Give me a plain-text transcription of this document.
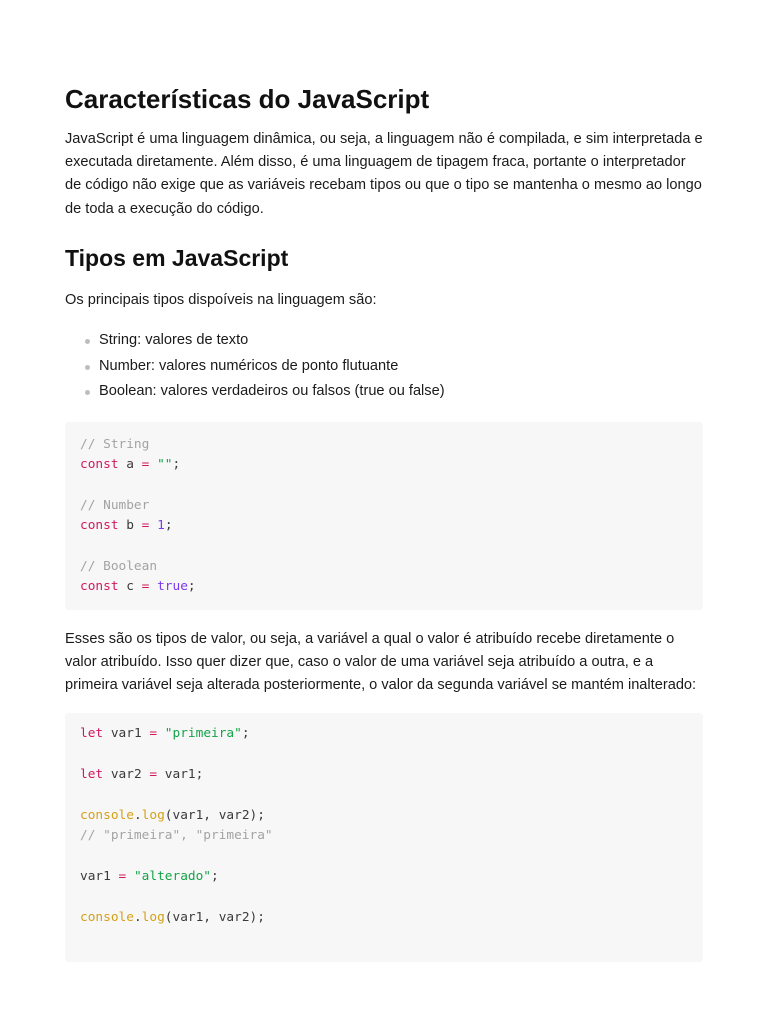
Características do JavaScript

JavaScript é uma linguagem dinâmica, ou seja, a linguagem não é compilada, e sim interpretada e executada diretamente. Além disso, é uma linguagem de tipagem fraca, portante o interpretador de código não exige que as variáveis recebam tipos ou que o tipo se mantenha o mesmo ao longo de toda a execução do código.

Tipos em JavaScript

Os principais tipos dispoíveis na linguagem são:

String: valores de texto
Number: valores numéricos de ponto flutuante
Boolean: valores verdadeiros ou falsos (true ou false)
// String
const a = "";
// Number
const b = 1;
// Boolean
const c = true;

Esses são os tipos de valor, ou seja, a variável a qual o valor é atribuído recebe diretamente o valor atribuído. Isso quer dizer que, caso o valor de uma variável seja atribuído a outra, e a primeira variável seja alterada posteriormente, o valor da segunda variável se mantém inalterado:

let var1 = "primeira";
let var2 = var1;
console.log(var1, var2);
// "primeira", "primeira"
var1 = "alterado";
console.log(var1, var2);
